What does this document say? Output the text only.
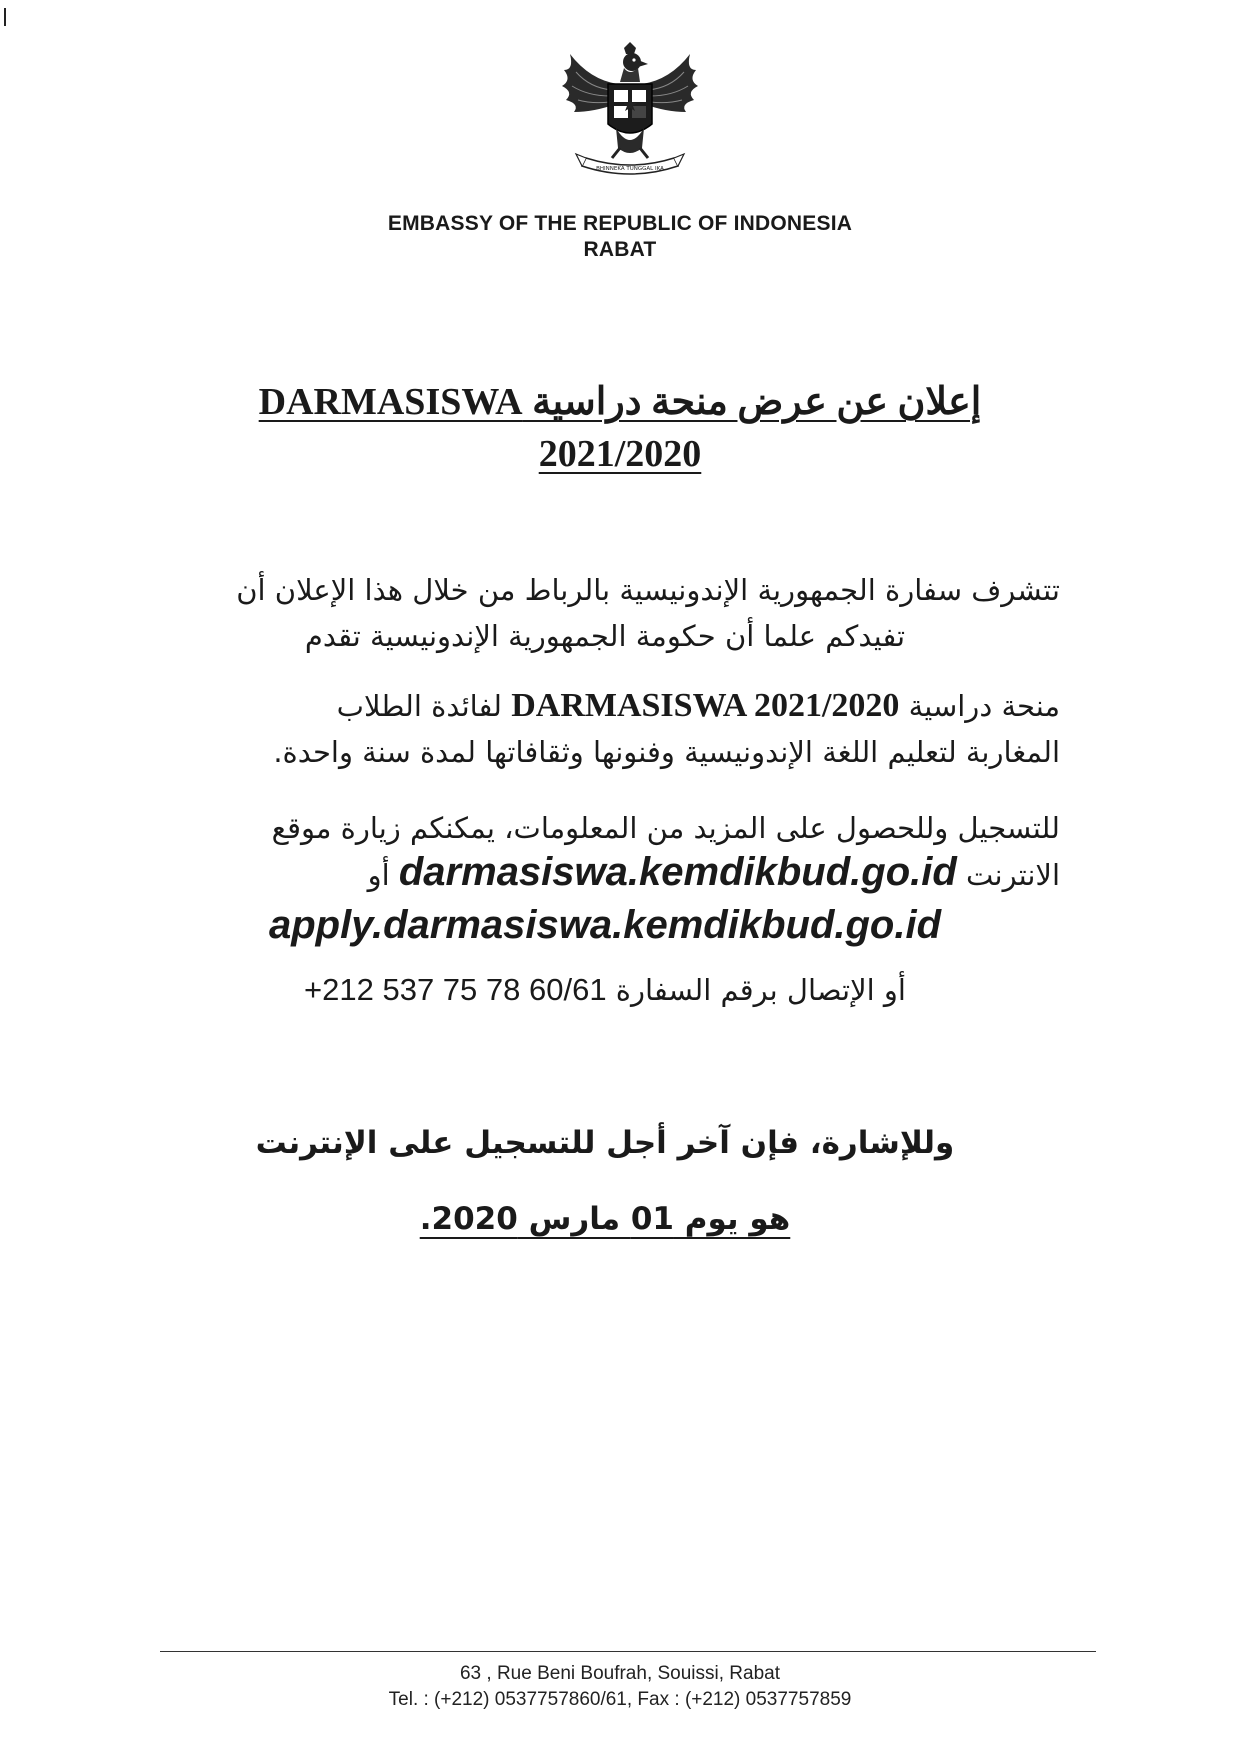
BHINNEKA TUNGGAL IKA
EMBASSY OF THE REPUBLIC OF INDONESIA
RABAT
إعلان عن عرض منحة دراسية DARMASISWA
2021/2020
تتشرف سفارة الجمهورية الإندونيسية بالرباط من خلال هذا الإعلان أن
تفيدكم علما أن حكومة الجمهورية الإندونيسية تقدم
منحة دراسية DARMASISWA 2021/2020 لفائدة الطلاب
المغاربة لتعليم اللغة الإندونيسية وفنونها وثقافاتها لمدة سنة واحدة.
للتسجيل وللحصول على المزيد من المعلومات، يمكنكم زيارة موقع
الانترنت darmasiswa.kemdikbud.go.id أو
apply.darmasiswa.kemdikbud.go.id
أو الإتصال برقم السفارة +212 537 75 78 60/61
وللإشارة، فإن آخر أجل للتسجيل على الإنترنت
هو يوم 01 مارس 2020.
63 , Rue Beni Boufrah, Souissi, Rabat
Tel. : (+212) 0537757860/61, Fax : (+212) 0537757859
